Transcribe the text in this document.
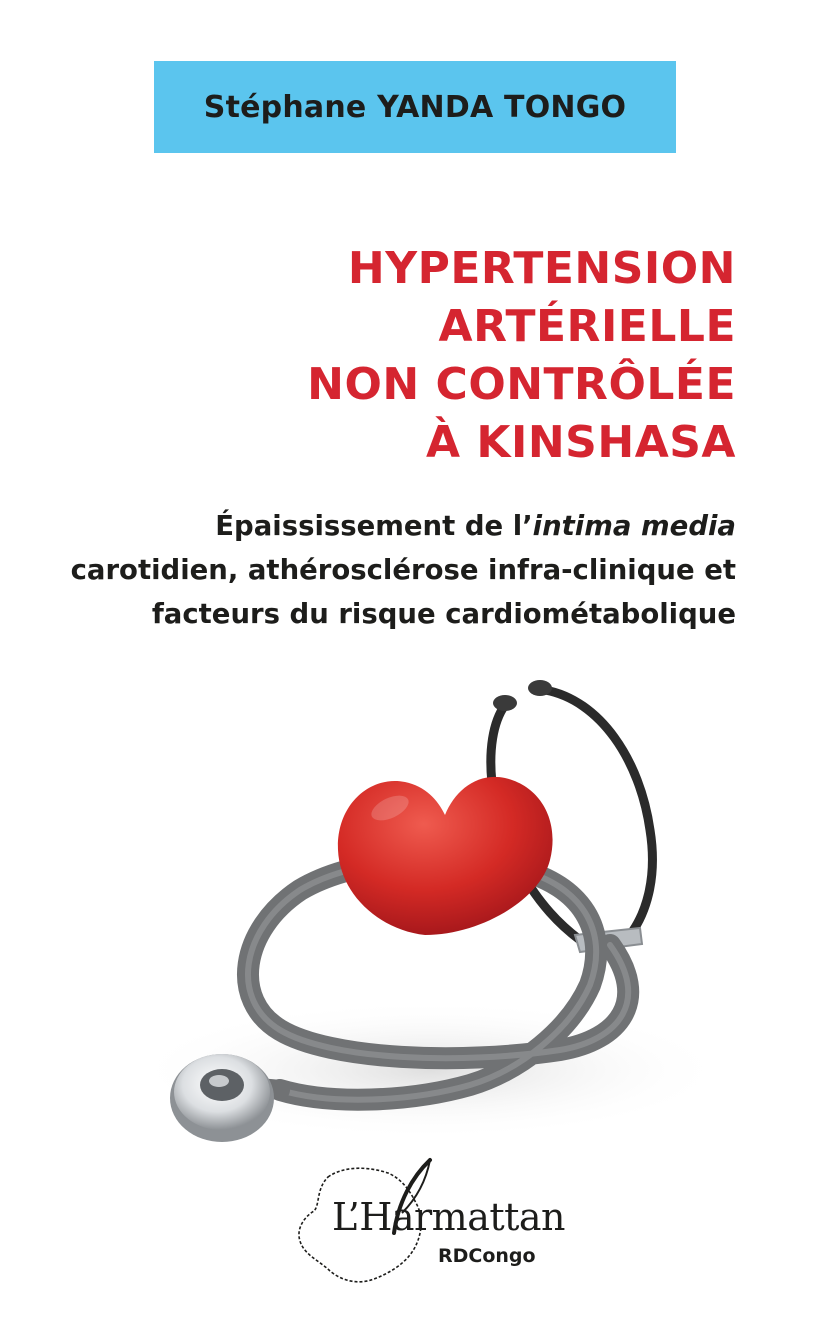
Stéphane YANDA TONGO
HYPERTENSION
ARTÉRIELLE
NON CONTRÔLÉE
À KINSHASA
Épaississement de l’intima media
carotidien, athérosclérose infra-clinique et
facteurs du risque cardiométabolique
L’Harmattan
RDCongo
